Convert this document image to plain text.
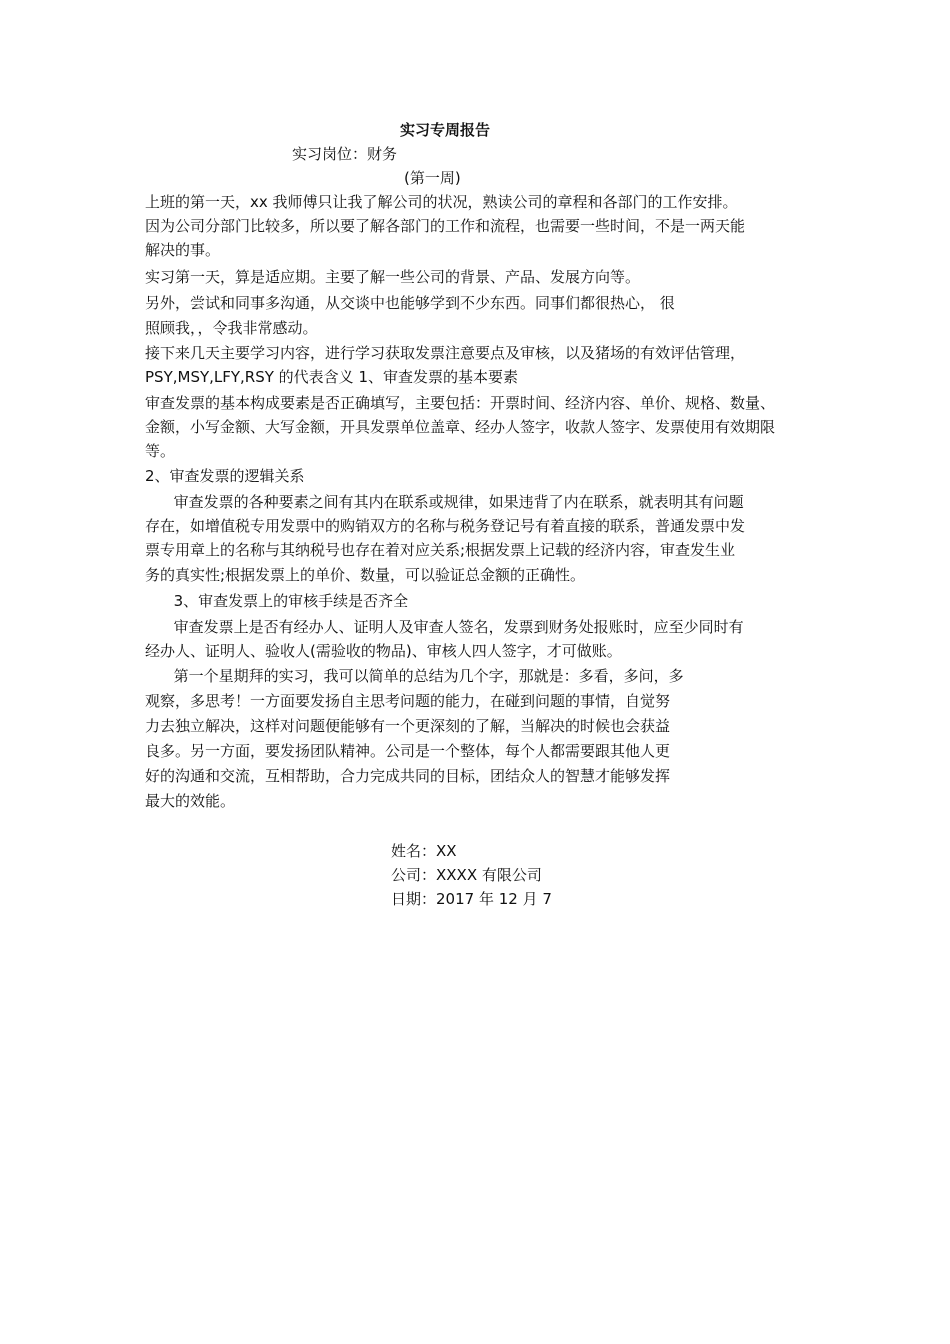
实习专周报告
实习岗位：财务
(第一周)
上班的第一天，xx 我师傅只让我了解公司的状况，熟读公司的章程和各部门的工作安排。
因为公司分部门比较多，所以要了解各部门的工作和流程，也需要一些时间，不是一两天能
解决的事。
实习第一天，算是适应期。主要了解一些公司的背景、产品、发展方向等。
另外，尝试和同事多沟通，从交谈中也能够学到不少东西。同事们都很热心， 很
照顾我，，令我非常感动。
接下来几天主要学习内容，进行学习获取发票注意要点及审核，以及猪场的有效评估管理，
PSY,MSY,LFY,RSY 的代表含义 1、审查发票的基本要素
审查发票的基本构成要素是否正确填写，主要包括：开票时间、经济内容、单价、规格、数量、
金额，小写金额、大写金额，开具发票单位盖章、经办人签字，收款人签字、发票使用有效期限
等。
2、审查发票的逻辑关系
审查发票的各种要素之间有其内在联系或规律，如果违背了内在联系，就表明其有问题
存在，如增值税专用发票中的购销双方的名称与税务登记号有着直接的联系，普通发票中发
票专用章上的名称与其纳税号也存在着对应关系;根据发票上记载的经济内容，审查发生业
务的真实性;根据发票上的单价、数量，可以验证总金额的正确性。
3、审查发票上的审核手续是否齐全
审查发票上是否有经办人、证明人及审查人签名，发票到财务处报账时，应至少同时有
经办人、证明人、验收人(需验收的物品)、审核人四人签字，才可做账。
第一个星期拜的实习，我可以简单的总结为几个字，那就是：多看，多问，多
观察，多思考！一方面要发扬自主思考问题的能力，在碰到问题的事情，自觉努
力去独立解决，这样对问题便能够有一个更深刻的了解，当解决的时候也会获益
良多。另一方面，要发扬团队精神。公司是一个整体，每个人都需要跟其他人更
好的沟通和交流，互相帮助，合力完成共同的目标，团结众人的智慧才能够发挥
最大的效能。
姓名：XX
公司：XXXX 有限公司
日期：2017 年 12 月 7
